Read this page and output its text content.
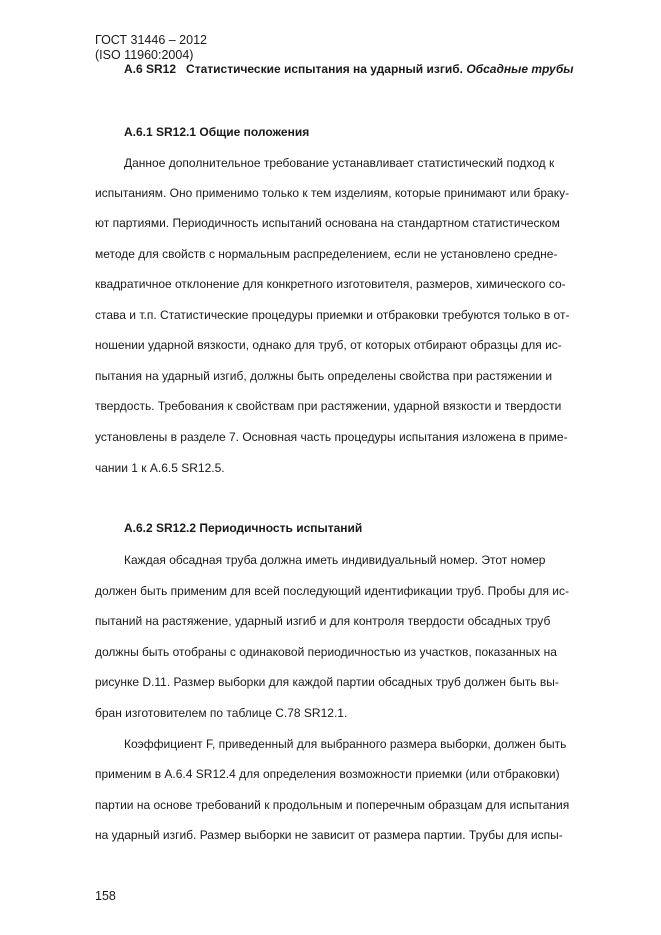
ГОСТ 31446 – 2012
(ISO 11960:2004)
А.6 SR12 Статистические испытания на ударный изгиб. Обсадные трубы
А.6.1 SR12.1 Общие положения
Данное дополнительное требование устанавливает статистический подход к
испытаниям. Оно применимо только к тем изделиям, которые принимают или браку-
ют партиями. Периодичность испытаний основана на стандартном статистическом
методе для свойств с нормальным распределением, если не установлено средне-
квадратичное отклонение для конкретного изготовителя, размеров, химического со-
става и т.п. Статистические процедуры приемки и отбраковки требуются только в от-
ношении ударной вязкости, однако для труб, от которых отбирают образцы для ис-
пытания на ударный изгиб, должны быть определены свойства при растяжении и
твердость. Требования к свойствам при растяжении, ударной вязкости и твердости
установлены в разделе 7. Основная часть процедуры испытания изложена в приме-
чании 1 к А.6.5 SR12.5.
А.6.2 SR12.2 Периодичность испытаний
Каждая обсадная труба должна иметь индивидуальный номер. Этот номер
должен быть применим для всей последующий идентификации труб. Пробы для ис-
пытаний на растяжение, ударный изгиб и для контроля твердости обсадных труб
должны быть отобраны с одинаковой периодичностью из участков, показанных на
рисунке D.11. Размер выборки для каждой партии обсадных труб должен быть вы-
бран изготовителем по таблице С.78 SR12.1.
Коэффициент F, приведенный для выбранного размера выборки, должен быть
применим в А.6.4 SR12.4 для определения возможности приемки (или отбраковки)
партии на основе требований к продольным и поперечным образцам для испытания
на ударный изгиб. Размер выборки не зависит от размера партии. Трубы для испы-
158
